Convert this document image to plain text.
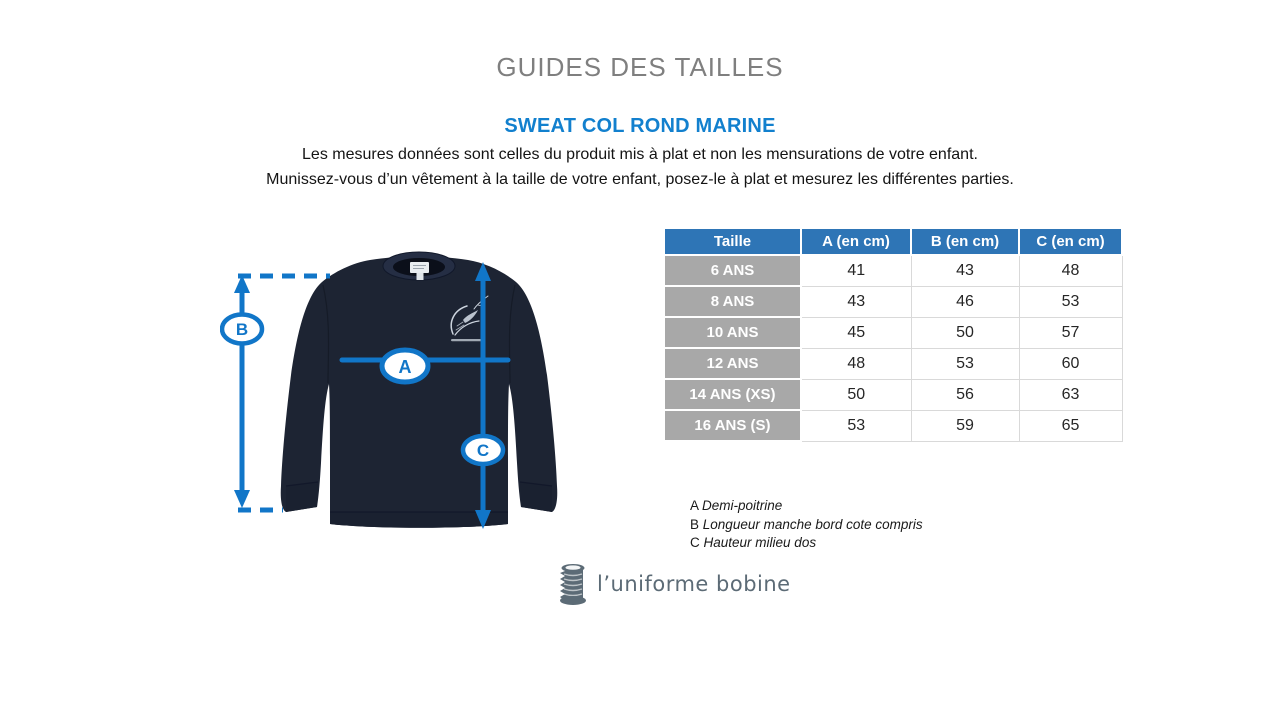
GUIDES DES TAILLES
SWEAT COL ROND MARINE
Les mesures données sont celles du produit mis à plat et non les mensurations de votre enfant.
Munissez-vous d’un vêtement à la taille de votre enfant, posez-le à plat et mesurez les différentes parties.
B
A
C
Taille	A (en cm)	B (en cm)	C (en cm)
6 ANS	41	43	48
8 ANS	43	46	53
10 ANS	45	50	57
12 ANS	48	53	60
14 ANS (XS)	50	56	63
16 ANS (S)	53	59	65
A Demi-poitrine
B Longueur manche bord cote compris
C Hauteur milieu dos
l’uniforme bobine
